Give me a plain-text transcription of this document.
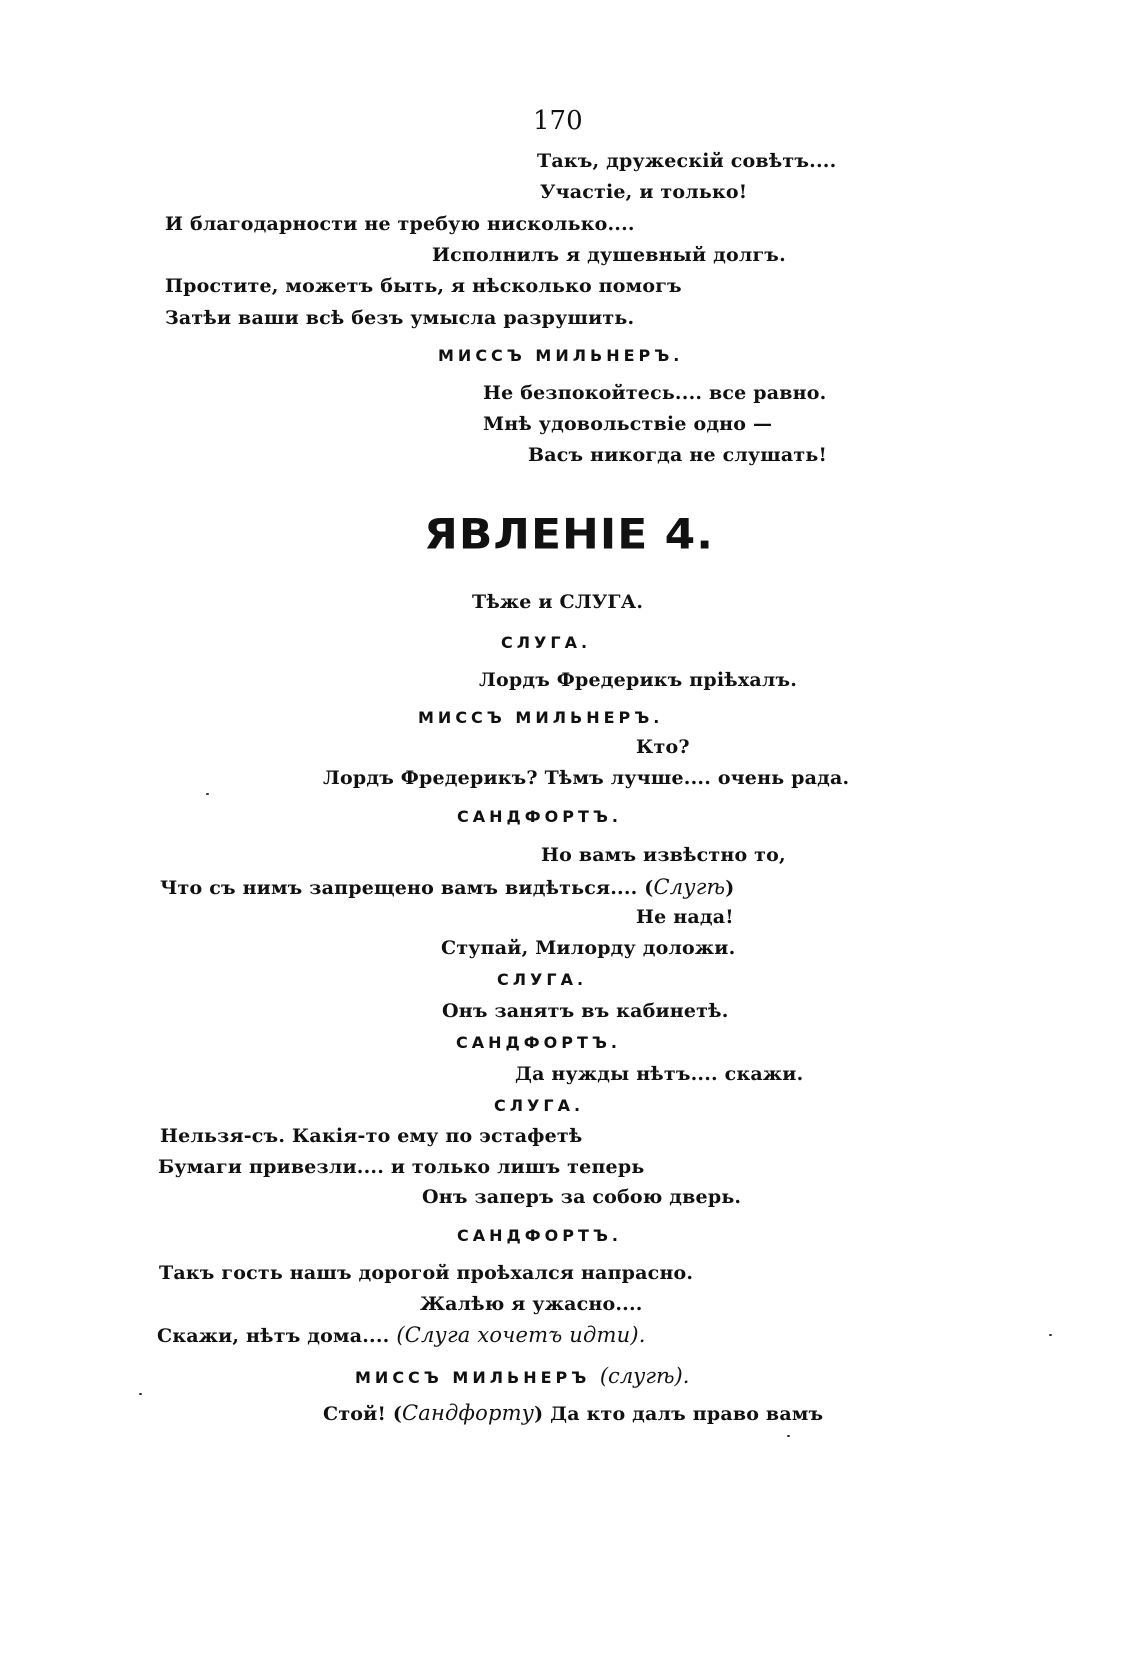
170
Такъ, дружескій совѣтъ....
Участіе, и только!
И благодарности не требую нисколько....
Исполнилъ я душевный долгъ.
Простите, можетъ быть, я нѣсколько помогъ
Затѣи ваши всѣ безъ умысла разрушить.
МИССЪ МИЛЬНЕРЪ.
Не безпокойтесь.... все равно.
Мнѣ удовольствіе одно —
Васъ никогда не слушать!
ЯВЛЕНІЕ 4.
Тѣже и СЛУГА.
СЛУГА.
Лордъ Фредерикъ пріѣхалъ.
МИССЪ МИЛЬНЕРЪ.
Кто?
Лордъ Фредерикъ? Тѣмъ лучше.... очень рада.
САНДФОРТЪ.
Но вамъ извѣстно то,
Что съ нимъ запрещено вамъ видѣться.... (Слугѣ)
Не нада!
Ступай, Милорду доложи.
СЛУГА.
Онъ занятъ въ кабинетѣ.
САНДФОРТЪ.
Да нужды нѣтъ.... скажи.
СЛУГА.
Нельзя-съ. Какія-то ему по эстафетѣ
Бумаги привезли.... и только лишъ теперь
Онъ заперъ за собою дверь.
САНДФОРТЪ.
Такъ гость нашъ дорогой проѣхался напрасно.
Жалѣю я ужасно....
Скажи, нѣтъ дома.... (Слуга хочетъ идти).
МИССЪ МИЛЬНЕРЪ (слугѣ).
Стой! (Сандфорту) Да кто далъ право вамъ
